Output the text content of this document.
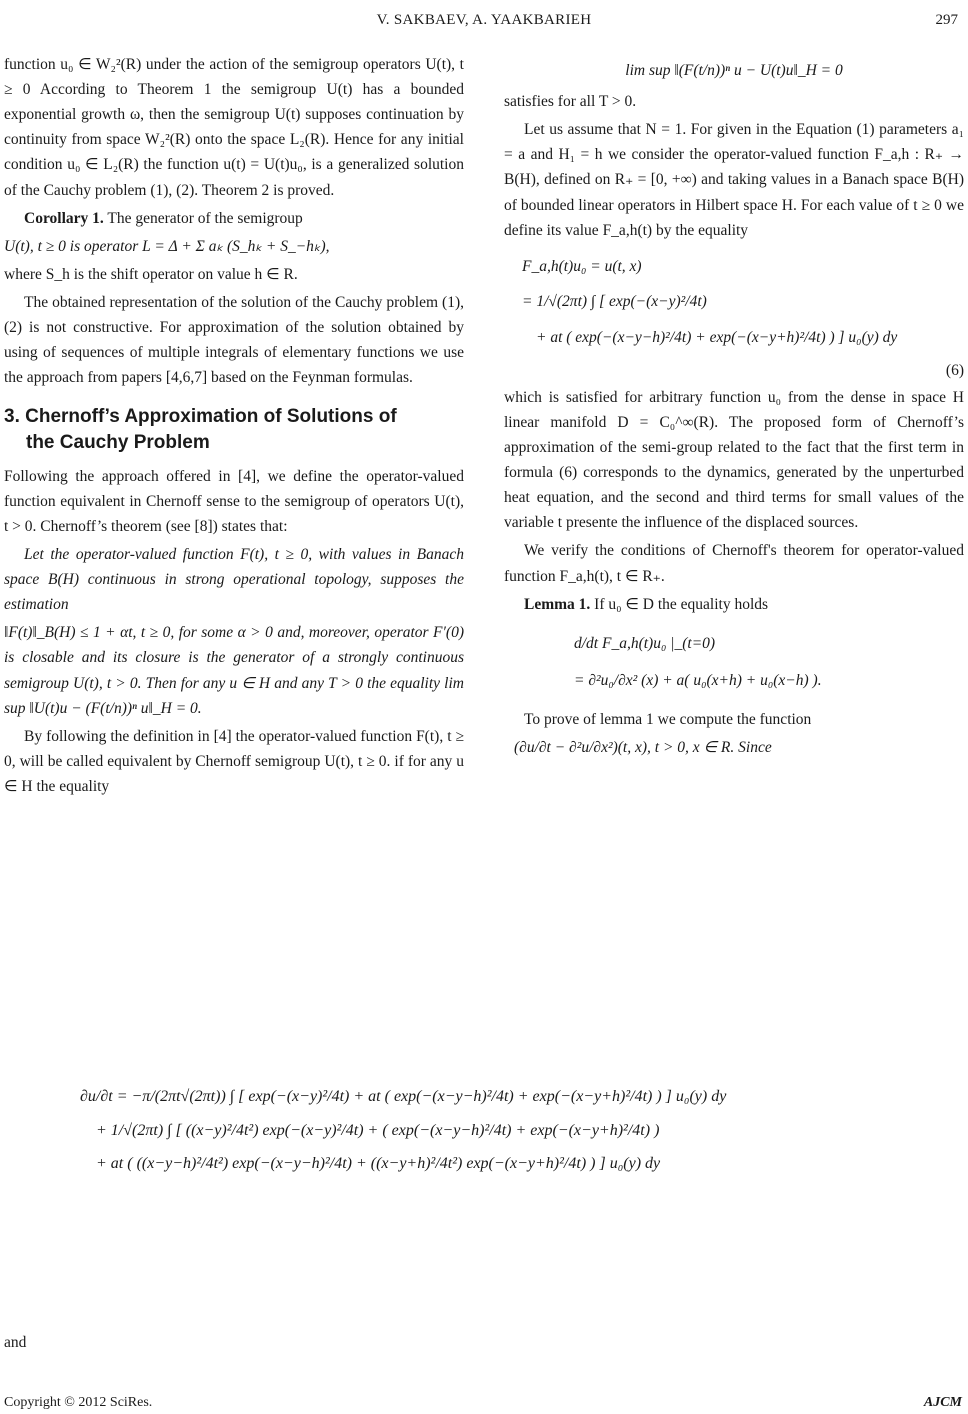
V. SAKBAEV, A. YAAKBARIEH	297

function u₀ ∈ W₂²(R) under the action of the semigroup operators U(t), t ≥ 0 According to Theorem 1 the semigroup U(t) has a bounded exponential growth ω, then the semigroup U(t) supposes continuation by continuity from space W₂²(R) onto the space L₂(R). Hence for any initial condition u₀ ∈ L₂(R) the function u(t) = U(t)u₀, is a generalized solution of the Cauchy problem (1), (2). Theorem 2 is proved.

Corollary 1. The generator of the semigroup

U(t), t ≥ 0 is operator L = Δ + Σ aₖ (S_hₖ + S_−hₖ),

where S_h is the shift operator on value h ∈ R.

The obtained representation of the solution of the Cauchy problem (1), (2) is not constructive. For approximation of the solution obtained by using of sequences of multiple integrals of elementary functions we use the approach from papers [4,6,7] based on the Feynman formulas.

3. Chernoff’s Approximation of Solutions of
the Cauchy Problem

Following the approach offered in [4], we define the operator-valued function equivalent in Chernoff sense to the semigroup of operators U(t), t > 0. Chernoff’s theorem (see [8]) states that:

Let the operator-valued function F(t), t ≥ 0, with values in Banach space B(H) continuous in strong operational topology, supposes the estimation

‖F(t)‖_B(H) ≤ 1 + αt, t ≥ 0, for some α > 0 and, moreover, operator F′(0) is closable and its closure is the generator of a strongly continuous semigroup U(t), t > 0. Then for any u ∈ H and any T > 0 the equality lim sup ‖U(t)u − (F(t/n))ⁿ u‖_H = 0.

By following the definition in [4] the operator-valued function F(t), t ≥ 0, will be called equivalent by Chernoff semigroup U(t), t ≥ 0. if for any u ∈ H the equality

lim sup ‖(F(t/n))ⁿ u − U(t)u‖_H = 0

satisfies for all T > 0.

Let us assume that N = 1. For given in the Equation (1) parameters a₁ = a and H₁ = h we consider the operator-valued function F_a,h : R₊ → B(H), defined on R₊ = [0, +∞) and taking values in a Banach space B(H) of bounded linear operators in Hilbert space H. For each value of t ≥ 0 we define its value F_a,h(t) by the equality

F_a,h(t)u₀ = u(t, x)
= 1/√(2πt) ∫ [ exp(−(x−y)²/4t)
+ at ( exp(−(x−y−h)²/4t) + exp(−(x−y+h)²/4t) ) ] u₀(y) dy

(6)

which is satisfied for arbitrary function u₀ from the dense in space H linear manifold D = C₀^∞(R). The proposed form of Chernoff’s approximation of the semi-group related to the fact that the first term in formula (6) corresponds to the dynamics, generated by the unperturbed heat equation, and the second and third terms for small values of the variable t presente the influence of the displaced sources.

We verify the conditions of Chernoff's theorem for operator-valued function F_a,h(t), t ∈ R₊.

Lemma 1. If u₀ ∈ D the equality holds

d/dt F_a,h(t)u₀ |_(t=0)
= ∂²u₀/∂x² (x) + a( u₀(x+h) + u₀(x−h) ).

To prove of lemma 1 we compute the function

(∂u/∂t − ∂²u/∂x²)(t, x), t > 0, x ∈ R. Since

∂u/∂t = −π/(2πt√(2πt)) ∫ [ exp(−(x−y)²/4t) + at ( exp(−(x−y−h)²/4t) + exp(−(x−y+h)²/4t) ) ] u₀(y) dy
+ 1/√(2πt) ∫ [ ((x−y)²/4t²) exp(−(x−y)²/4t) + ( exp(−(x−y−h)²/4t) + exp(−(x−y+h)²/4t) )
+ at ( ((x−y−h)²/4t²) exp(−(x−y−h)²/4t) + ((x−y+h)²/4t²) exp(−(x−y+h)²/4t) ) ] u₀(y) dy
and
Copyright © 2012 SciRes.	AJCM
